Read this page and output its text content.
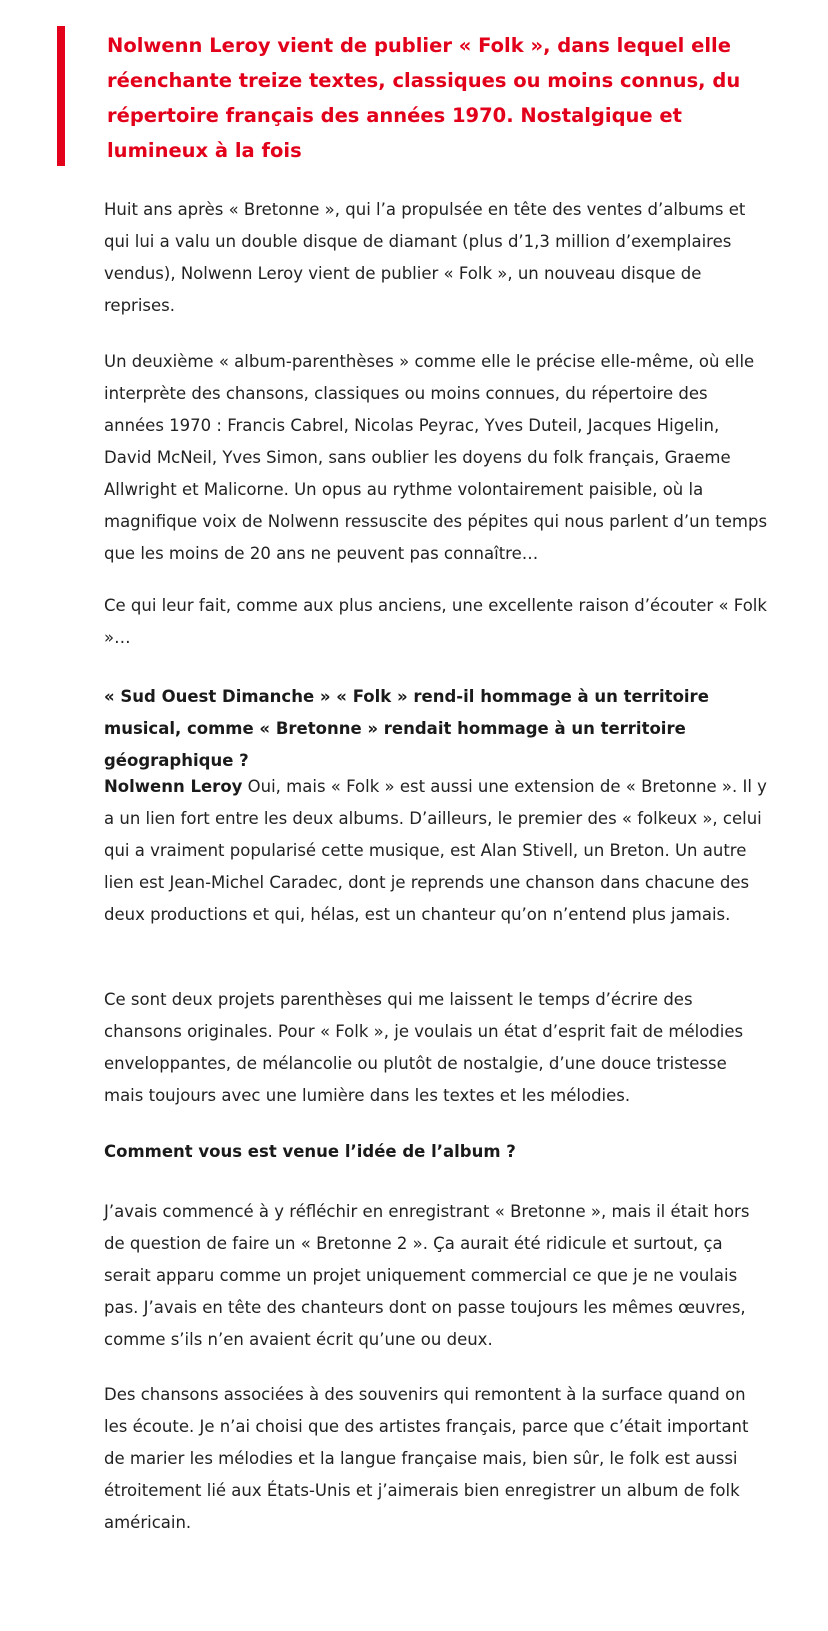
Nolwenn Leroy vient de publier « Folk », dans lequel elle réenchante treize textes, classiques ou moins connus, du répertoire français des années 1970. Nostalgique et lumineux à la fois

Huit ans après « Bretonne », qui l’a propulsée en tête des ventes d’albums et qui lui a valu un double disque de diamant (plus d’1,3 million d’exemplaires vendus), Nolwenn Leroy vient de publier « Folk », un nouveau disque de reprises.

Un deuxième « album-parenthèses » comme elle le précise elle-même, où elle interprète des chansons, classiques ou moins connues, du répertoire des années 1970 : Francis Cabrel, Nicolas Peyrac, Yves Duteil, Jacques Higelin, David McNeil, Yves Simon, sans oublier les doyens du folk français, Graeme Allwright et Malicorne. Un opus au rythme volontairement paisible, où la magnifique voix de Nolwenn ressuscite des pépites qui nous parlent d’un temps que les moins de 20 ans ne peuvent pas connaître…

Ce qui leur fait, comme aux plus anciens, une excellente raison d’écouter « Folk »…

« Sud Ouest Dimanche » « Folk » rend-il hommage à un territoire musical, comme « Bretonne » rendait hommage à un territoire géographique ?

Nolwenn Leroy Oui, mais « Folk » est aussi une extension de « Bretonne ». Il y a un lien fort entre les deux albums. D’ailleurs, le premier des « folkeux », celui qui a vraiment popularisé cette musique, est Alan Stivell, un Breton. Un autre lien est Jean-Michel Caradec, dont je reprends une chanson dans chacune des deux productions et qui, hélas, est un chanteur qu’on n’entend plus jamais.

Ce sont deux projets parenthèses qui me laissent le temps d’écrire des chansons originales. Pour « Folk », je voulais un état d’esprit fait de mélodies enveloppantes, de mélancolie ou plutôt de nostalgie, d’une douce tristesse mais toujours avec une lumière dans les textes et les mélodies.

Comment vous est venue l’idée de l’album ?

J’avais commencé à y réfléchir en enregistrant « Bretonne », mais il était hors de question de faire un « Bretonne 2 ». Ça aurait été ridicule et surtout, ça serait apparu comme un projet uniquement commercial ce que je ne voulais pas. J’avais en tête des chanteurs dont on passe toujours les mêmes œuvres, comme s’ils n’en avaient écrit qu’une ou deux.

Des chansons associées à des souvenirs qui remontent à la surface quand on les écoute. Je n’ai choisi que des artistes français, parce que c’était important de marier les mélodies et la langue française mais, bien sûr, le folk est aussi étroitement lié aux États-Unis et j’aimerais bien enregistrer un album de folk américain.
